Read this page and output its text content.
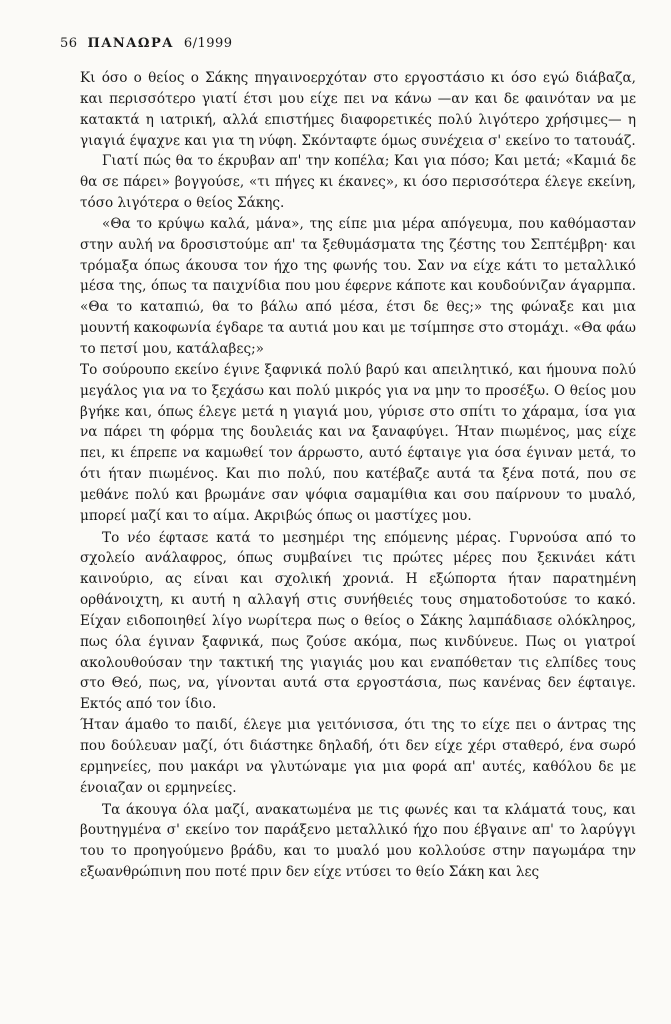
56 ΠΑΝΑΩΡΑ 6/1999

Κι όσο ο θείος ο Σάκης πηγαινοερχόταν στο εργοστάσιο κι όσο εγώ διάβαζα, και περισσότερο γιατί έτσι μου είχε πει να κάνω —αν και δε φαινόταν να με κατακτά η ιατρική, αλλά επιστήμες διαφορετικές πολύ λιγότερο χρήσιμες— η γιαγιά έψαχνε και για τη νύφη. Σκόνταφτε όμως συνέχεια σ' εκείνο το τατουάζ.

Γιατί πώς θα το έκρυβαν απ' την κοπέλα; Και για πόσο; Και μετά; «Καμιά δε θα σε πάρει» βογγούσε, «τι πήγες κι έκανες», κι όσο περισσότερα έλεγε εκείνη, τόσο λιγότερα ο θείος Σάκης.

«Θα το κρύψω καλά, μάνα», της είπε μια μέρα απόγευμα, που καθόμασταν στην αυλή να δροσιστούμε απ' τα ξεθυμάσματα της ζέστης του Σεπτέμβρη· και τρόμαξα όπως άκουσα τον ήχο της φωνής του. Σαν να είχε κάτι το μεταλλικό μέσα της, όπως τα παιχνίδια που μου έφερνε κάποτε και κουδούνιζαν άγαρμπα. «Θα το καταπιώ, θα το βάλω από μέσα, έτσι δε θες;» της φώναξε και μια μουντή κακοφωνία έγδαρε τα αυτιά μου και με τσίμπησε στο στομάχι. «Θα φάω το πετσί μου, κατάλαβες;»

Το σούρουπο εκείνο έγινε ξαφνικά πολύ βαρύ και απειλητικό, και ήμουνα πολύ μεγάλος για να το ξεχάσω και πολύ μικρός για να μην το προσέξω. Ο θείος μου βγήκε και, όπως έλεγε μετά η γιαγιά μου, γύρισε στο σπίτι το χάραμα, ίσα για να πάρει τη φόρμα της δουλειάς και να ξαναφύγει. Ήταν πιωμένος, μας είχε πει, κι έπρεπε να καμωθεί τον άρρωστο, αυτό έφταιγε για όσα έγιναν μετά, το ότι ήταν πιωμένος. Και πιο πολύ, που κατέβαζε αυτά τα ξένα ποτά, που σε μεθάνε πολύ και βρωμάνε σαν ψόφια σαμαμίθια και σου παίρνουν το μυαλό, μπορεί μαζί και το αίμα. Ακριβώς όπως οι μαστίχες μου.

Το νέο έφτασε κατά το μεσημέρι της επόμενης μέρας. Γυρνούσα από το σχολείο ανάλαφρος, όπως συμβαίνει τις πρώτες μέρες που ξεκινάει κάτι καινούριο, ας είναι και σχολική χρονιά. Η εξώπορτα ήταν παρατημένη ορθάνοιχτη, κι αυτή η αλλαγή στις συνήθειές τους σηματοδοτούσε το κακό. Είχαν ειδοποιηθεί λίγο νωρίτερα πως ο θείος ο Σάκης λαμπάδιασε ολόκληρος, πως όλα έγιναν ξαφνικά, πως ζούσε ακόμα, πως κινδύνευε. Πως οι γιατροί ακολουθούσαν την τακτική της γιαγιάς μου και εναπόθεταν τις ελπίδες τους στο Θεό, πως, να, γίνονται αυτά στα εργοστάσια, πως κανένας δεν έφταιγε. Εκτός από τον ίδιο.

Ήταν άμαθο το παιδί, έλεγε μια γειτόνισσα, ότι της το είχε πει ο άντρας της που δούλευαν μαζί, ότι διάστηκε δηλαδή, ότι δεν είχε χέρι σταθερό, ένα σωρό ερμηνείες, που μακάρι να γλυτώναμε για μια φορά απ' αυτές, καθόλου δε με ένοιαζαν οι ερμηνείες.

Τα άκουγα όλα μαζί, ανακατωμένα με τις φωνές και τα κλάματά τους, και βουτηγμένα σ' εκείνο τον παράξενο μεταλλικό ήχο που έβγαινε απ' το λαρύγγι του το προηγούμενο βράδυ, και το μυαλό μου κολλούσε στην παγωμάρα την εξωανθρώπινη που ποτέ πριν δεν είχε ντύσει το θείο Σάκη και λες
